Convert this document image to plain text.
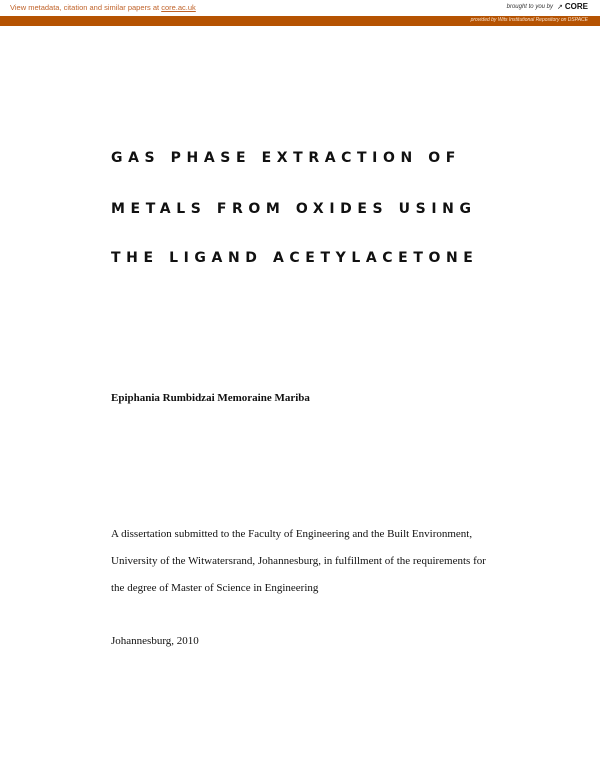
View metadata, citation and similar papers at core.ac.uk	brought to you by ↗ CORE
provided by Wits Institutional Repository on DSPACE
GAS PHASE EXTRACTION OF
METALS FROM OXIDES USING
THE LIGAND ACETYLACETONE
Epiphania Rumbidzai Memoraine Mariba
A dissertation submitted to the Faculty of Engineering and the Built Environment,
University of the Witwatersrand, Johannesburg, in fulfillment of the requirements for
the degree of Master of Science in Engineering
Johannesburg, 2010
